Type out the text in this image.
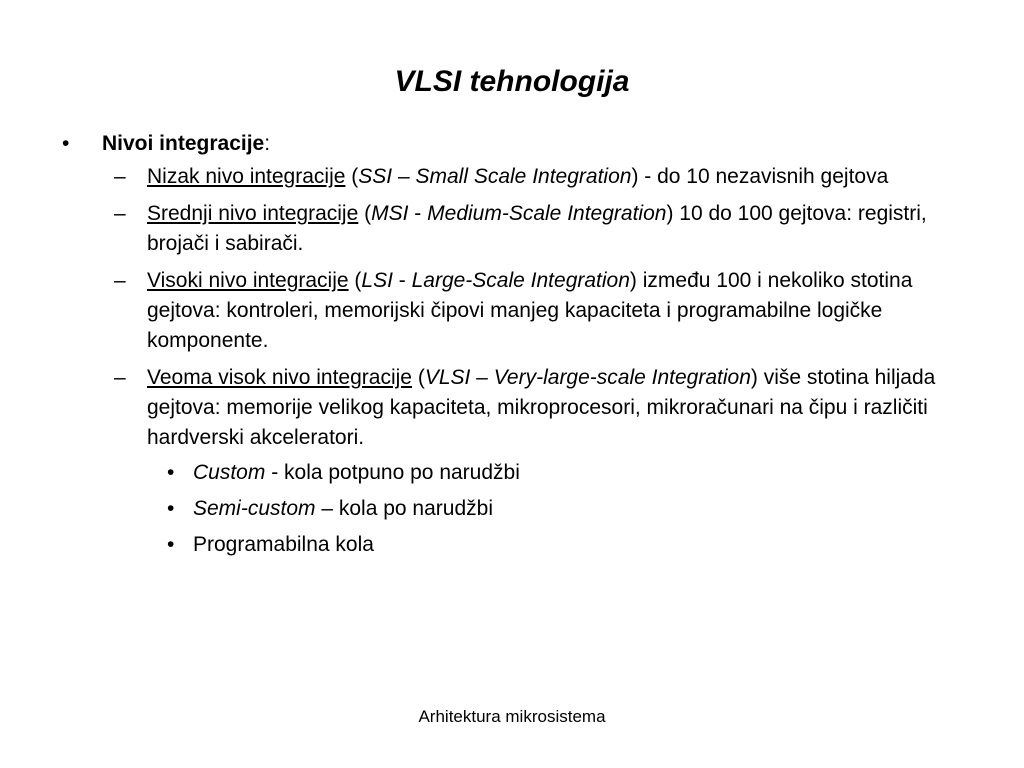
VLSI tehnologija
• Nivoi integracije:
– Nizak nivo integracije (SSI – Small Scale Integration) - do 10 nezavisnih gejtova
– Srednji nivo integracije (MSI - Medium-Scale Integration) 10 do 100 gejtova: registri, brojači i sabirači.
– Visoki nivo integracije (LSI - Large-Scale Integration) između 100 i nekoliko stotina gejtova: kontroleri, memorijski čipovi manjeg kapaciteta i programabilne logičke komponente.
– Veoma visok nivo integracije (VLSI – Very-large-scale Integration) više stotina hiljada gejtova: memorije velikog kapaciteta, mikroprocesori, mikroračunari na čipu i različiti hardverski akceleratori.
• Custom - kola potpuno po narudžbi
• Semi-custom – kola po narudžbi
• Programabilna kola
Arhitektura mikrosistema
